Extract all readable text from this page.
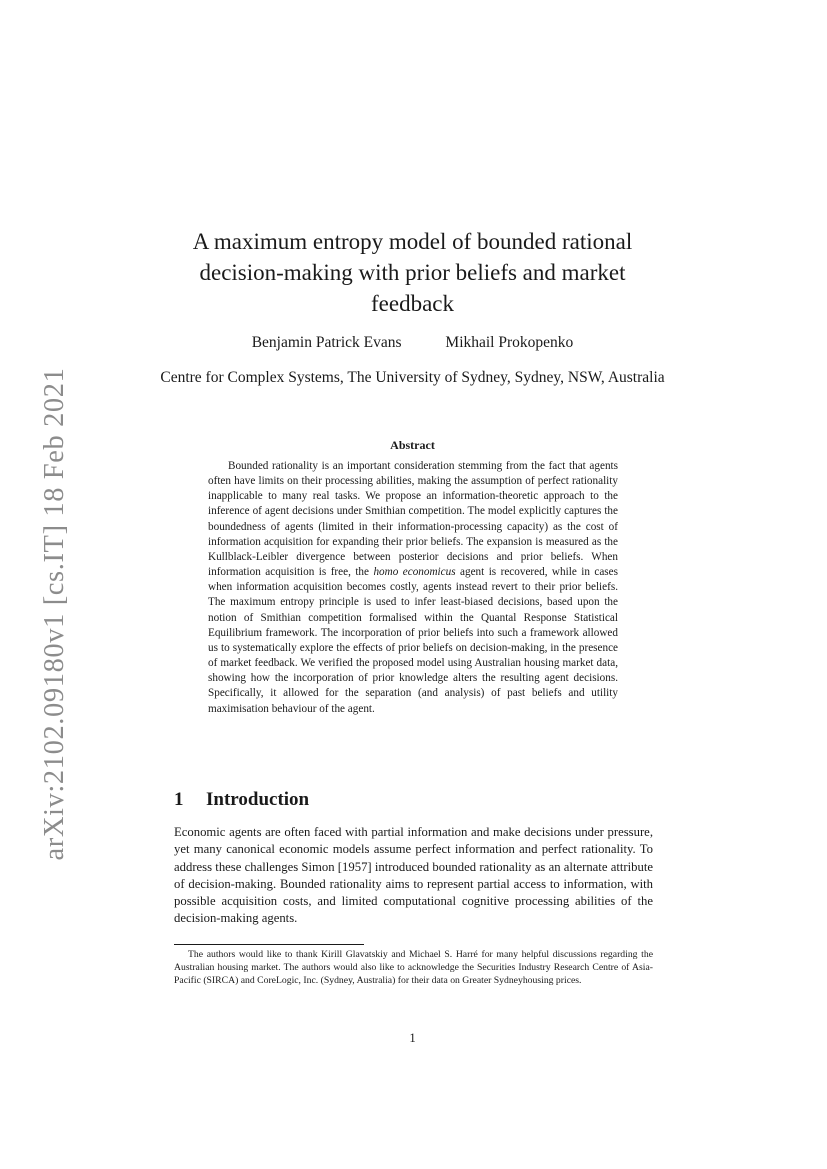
arXiv:2102.09180v1 [cs.IT] 18 Feb 2021
A maximum entropy model of bounded rational decision-making with prior beliefs and market feedback
Benjamin Patrick Evans	Mikhail Prokopenko
Centre for Complex Systems, The University of Sydney, Sydney, NSW, Australia
Abstract

Bounded rationality is an important consideration stemming from the fact that agents often have limits on their processing abilities, making the assumption of perfect rationality inapplicable to many real tasks. We propose an information-theoretic approach to the inference of agent decisions under Smithian competition. The model explicitly captures the boundedness of agents (limited in their information-processing capacity) as the cost of information acquisition for expanding their prior beliefs. The expansion is measured as the Kullblack-Leibler divergence between posterior decisions and prior beliefs. When information acquisition is free, the homo economicus agent is recovered, while in cases when information acquisition becomes costly, agents instead revert to their prior beliefs. The maximum entropy principle is used to infer least-biased decisions, based upon the notion of Smithian competition formalised within the Quantal Response Statistical Equilibrium framework. The incorporation of prior beliefs into such a framework allowed us to systematically explore the effects of prior beliefs on decision-making, in the presence of market feedback. We verified the proposed model using Australian housing market data, showing how the incorporation of prior knowledge alters the resulting agent decisions. Specifically, it allowed for the separation (and analysis) of past beliefs and utility maximisation behaviour of the agent.

1 Introduction

Economic agents are often faced with partial information and make decisions under pressure, yet many canonical economic models assume perfect information and perfect rationality. To address these challenges Simon [1957] introduced bounded rationality as an alternate attribute of decision-making. Bounded rationality aims to represent partial access to information, with possible acquisition costs, and limited computational cognitive processing abilities of the decision-making agents.

The authors would like to thank Kirill Glavatskiy and Michael S. Harré for many helpful discussions regarding the Australian housing market. The authors would also like to acknowledge the Securities Industry Research Centre of Asia-Pacific (SIRCA) and CoreLogic, Inc. (Sydney, Australia) for their data on Greater Sydneyhousing prices.

1
